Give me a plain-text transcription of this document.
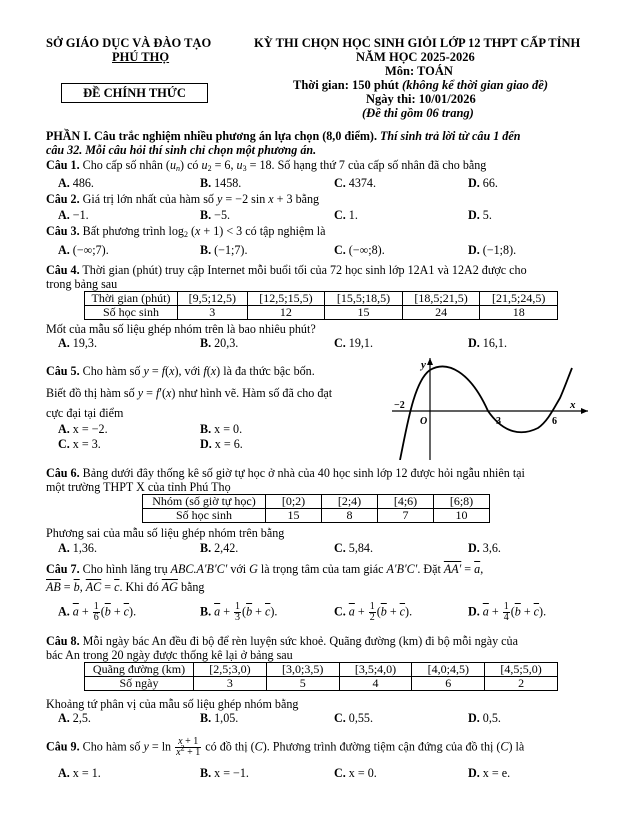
SỞ GIÁO DỤC VÀ ĐÀO TẠO
PHÚ THỌ
KỲ THI CHỌN HỌC SINH GIỎI LỚP 12 THPT CẤP TỈNH
NĂM HỌC 2025-2026
Môn: TOÁN
Thời gian: 150 phút (không kể thời gian giao đề)
Ngày thi: 10/01/2026
(Đề thi gồm 06 trang)
ĐỀ CHÍNH THỨC
PHẦN I. Câu trắc nghiệm nhiều phương án lựa chọn (8,0 điểm). Thí sinh trả lời từ câu 1 đến
câu 32. Mỗi câu hỏi thí sinh chỉ chọn một phương án.
Câu 1. Cho cấp số nhân $(u_n)$ có $u_2 = 6$, $u_3 = 18$. Số hạng thứ 7 của cấp số nhân đã cho bằng
A. 486.	B. 1458.	C. 4374.	D. 66.
Câu 2. Giá trị lớn nhất của hàm số y = −2 sin x + 3 bằng
A. −1.	B. −5.	C. 1.	D. 5.
Câu 3. Bất phương trình $\log_2 (x + 1) < 3$ có tập nghiệm là
A. (−∞;7).	B. (−1;7).	C. (−∞;8).	D. (−1;8).
Câu 4. Thời gian (phút) truy cập Internet mỗi buổi tối của 72 học sinh lớp 12A1 và 12A2 được cho
trong bảng sau
Thời gian (phút)	[9,5;12,5)	[12,5;15,5)	[15,5;18,5)	[18,5;21,5)	[21,5;24,5)
Số học sinh	3	12	15	24	18
Mốt của mẫu số liệu ghép nhóm trên là bao nhiêu phút?
A. 19,3.	B. 20,3.	C. 19,1.	D. 16,1.
Câu 5. Cho hàm số y = f(x), với f(x) là đa thức bậc bốn.
Biết đồ thị hàm số y = f′(x) như hình vẽ. Hàm số đã cho đạt
cực đại tại điểm
A. x = −2.	B. x = 0.
C. x = 3.	D. x = 6.
y
x
O
−2
3	6
Câu 6. Bảng dưới đây thống kê số giờ tự học ở nhà của 40 học sinh lớp 12 được hỏi ngẫu nhiên tại
một trường THPT X của tỉnh Phú Thọ
Nhóm (số giờ tự học)	[0;2)	[2;4)	[4;6)	[6;8)
Số học sinh	15	8	7	10
Phương sai của mẫu số liệu ghép nhóm trên bằng
A. 1,36.	B. 2,42.	C. 5,84.	D. 3,6.
Câu 7. Cho hình lăng trụ ABC.A′B′C′ với G là trọng tâm của tam giác A′B′C′. Đặt $AA' = \overline{a}$,
$\overline{AB} = \overline{b}$, $\overline{AC} = \overline{c}$. Khi đó $\overline{AG}$ bằng
A. $\overline{a} + \frac{1}{6} (\overline{b} + \overline{c})$.	B. $\overline{a} + \frac{1}{3} (\overline{b} + \overline{c})$.	C. $\overline{a} + \frac{1}{2} (\overline{b} + \overline{c})$.	D. $\overline{a} + \frac{1}{4} (\overline{b} + \overline{c})$.
Câu 8. Mỗi ngày bác An đều đi bộ để rèn luyện sức khoẻ. Quãng đường (km) đi bộ mỗi ngày của
bác An trong 20 ngày được thống kê lại ở bảng sau
Quãng đường (km)	[2,5;3,0)	[3,0;3,5)	[3,5;4,0)	[4,0;4,5)	[4,5;5,0)
Số ngày	3	5	4	6	2
Khoảng tứ phân vị của mẫu số liệu ghép nhóm bằng
A. 2,5.	B. 1,05.	C. 0,55.	D. 0,5.
Câu 9. Cho hàm số $y = \ln \frac{x + 1}{x^2 + 1}$ có đồ thị (C). Phương trình đường tiệm cận đứng của đồ thị (C) là
A. x = 1.	B. x = −1.	C. x = 0.	D. x = e.
